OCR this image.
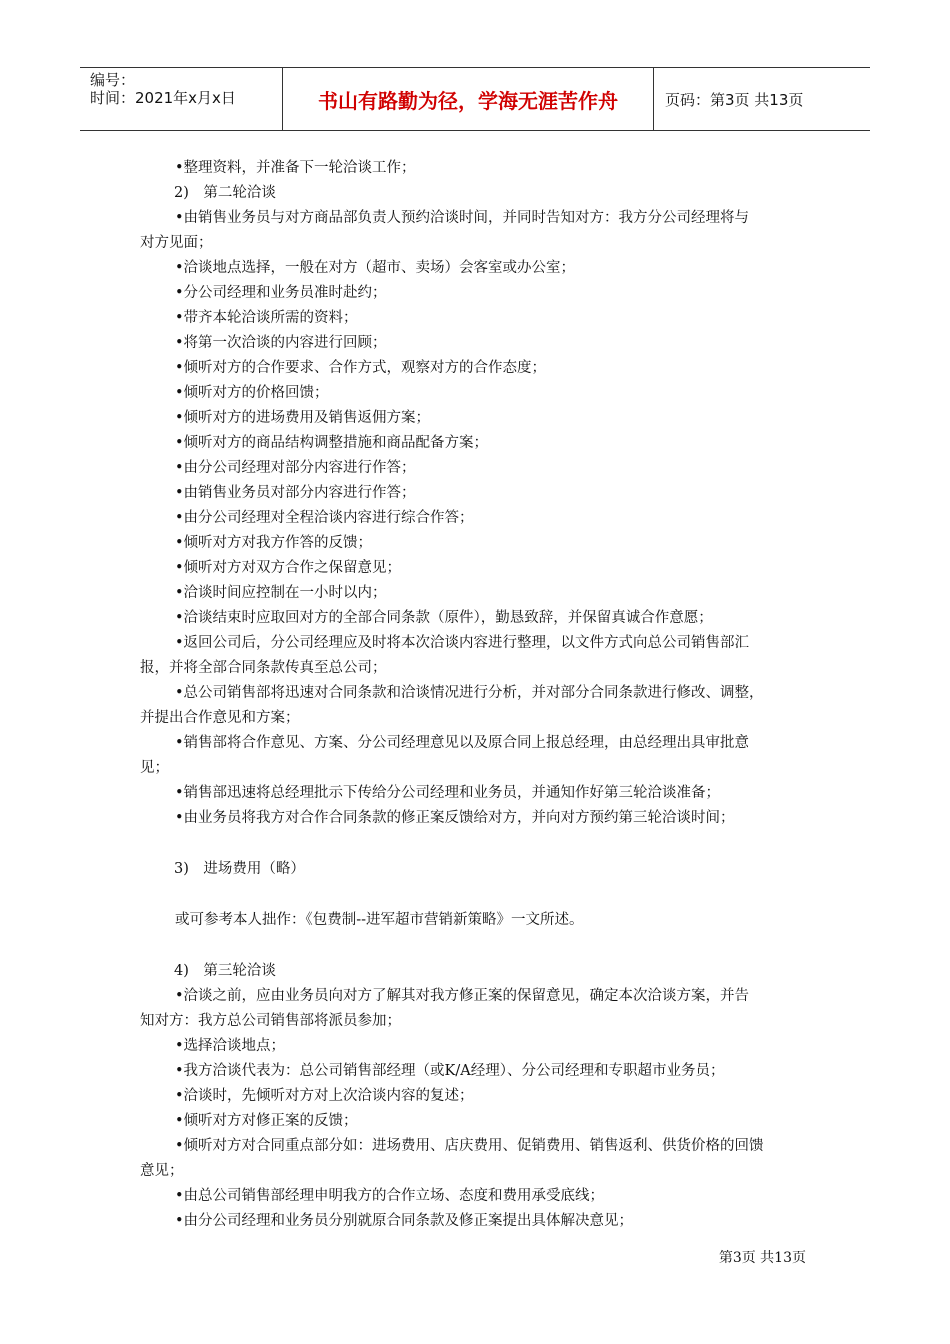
编号：
时间：2021年x月x日	书山有路勤为径，学海无涯苦作舟	页码：第3页 共13页
•整理资料，并准备下一轮洽谈工作；
2)　第二轮洽谈
•由销售业务员与对方商品部负责人预约洽谈时间，并同时告知对方：我方分公司经理将与
对方见面；
•洽谈地点选择，一般在对方（超市、卖场）会客室或办公室；
•分公司经理和业务员准时赴约；
•带齐本轮洽谈所需的资料；
•将第一次洽谈的内容进行回顾；
•倾听对方的合作要求、合作方式，观察对方的合作态度；
•倾听对方的价格回馈；
•倾听对方的进场费用及销售返佣方案；
•倾听对方的商品结构调整措施和商品配备方案；
•由分公司经理对部分内容进行作答；
•由销售业务员对部分内容进行作答；
•由分公司经理对全程洽谈内容进行综合作答；
•倾听对方对我方作答的反馈；
•倾听对方对双方合作之保留意见；
•洽谈时间应控制在一小时以内；
•洽谈结束时应取回对方的全部合同条款（原件），勤恳致辞，并保留真诚合作意愿；
•返回公司后，分公司经理应及时将本次洽谈内容进行整理，以文件方式向总公司销售部汇
报，并将全部合同条款传真至总公司；
•总公司销售部将迅速对合同条款和洽谈情况进行分析，并对部分合同条款进行修改、调整，
并提出合作意见和方案；
•销售部将合作意见、方案、分公司经理意见以及原合同上报总经理，由总经理出具审批意
见；
•销售部迅速将总经理批示下传给分公司经理和业务员，并通知作好第三轮洽谈准备；
•由业务员将我方对合作合同条款的修正案反馈给对方，并向对方预约第三轮洽谈时间；
3)　进场费用（略）
或可参考本人拙作：《包费制--进军超市营销新策略》一文所述。
4)　第三轮洽谈
•洽谈之前，应由业务员向对方了解其对我方修正案的保留意见，确定本次洽谈方案，并告
知对方：我方总公司销售部将派员参加；
•选择洽谈地点；
•我方洽谈代表为：总公司销售部经理（或K/A经理）、分公司经理和专职超市业务员；
•洽谈时，先倾听对方对上次洽谈内容的复述；
•倾听对方对修正案的反馈；
•倾听对方对合同重点部分如：进场费用、店庆费用、促销费用、销售返利、供货价格的回馈
意见；
•由总公司销售部经理申明我方的合作立场、态度和费用承受底线；
•由分公司经理和业务员分别就原合同条款及修正案提出具体解决意见；
第3页 共13页
